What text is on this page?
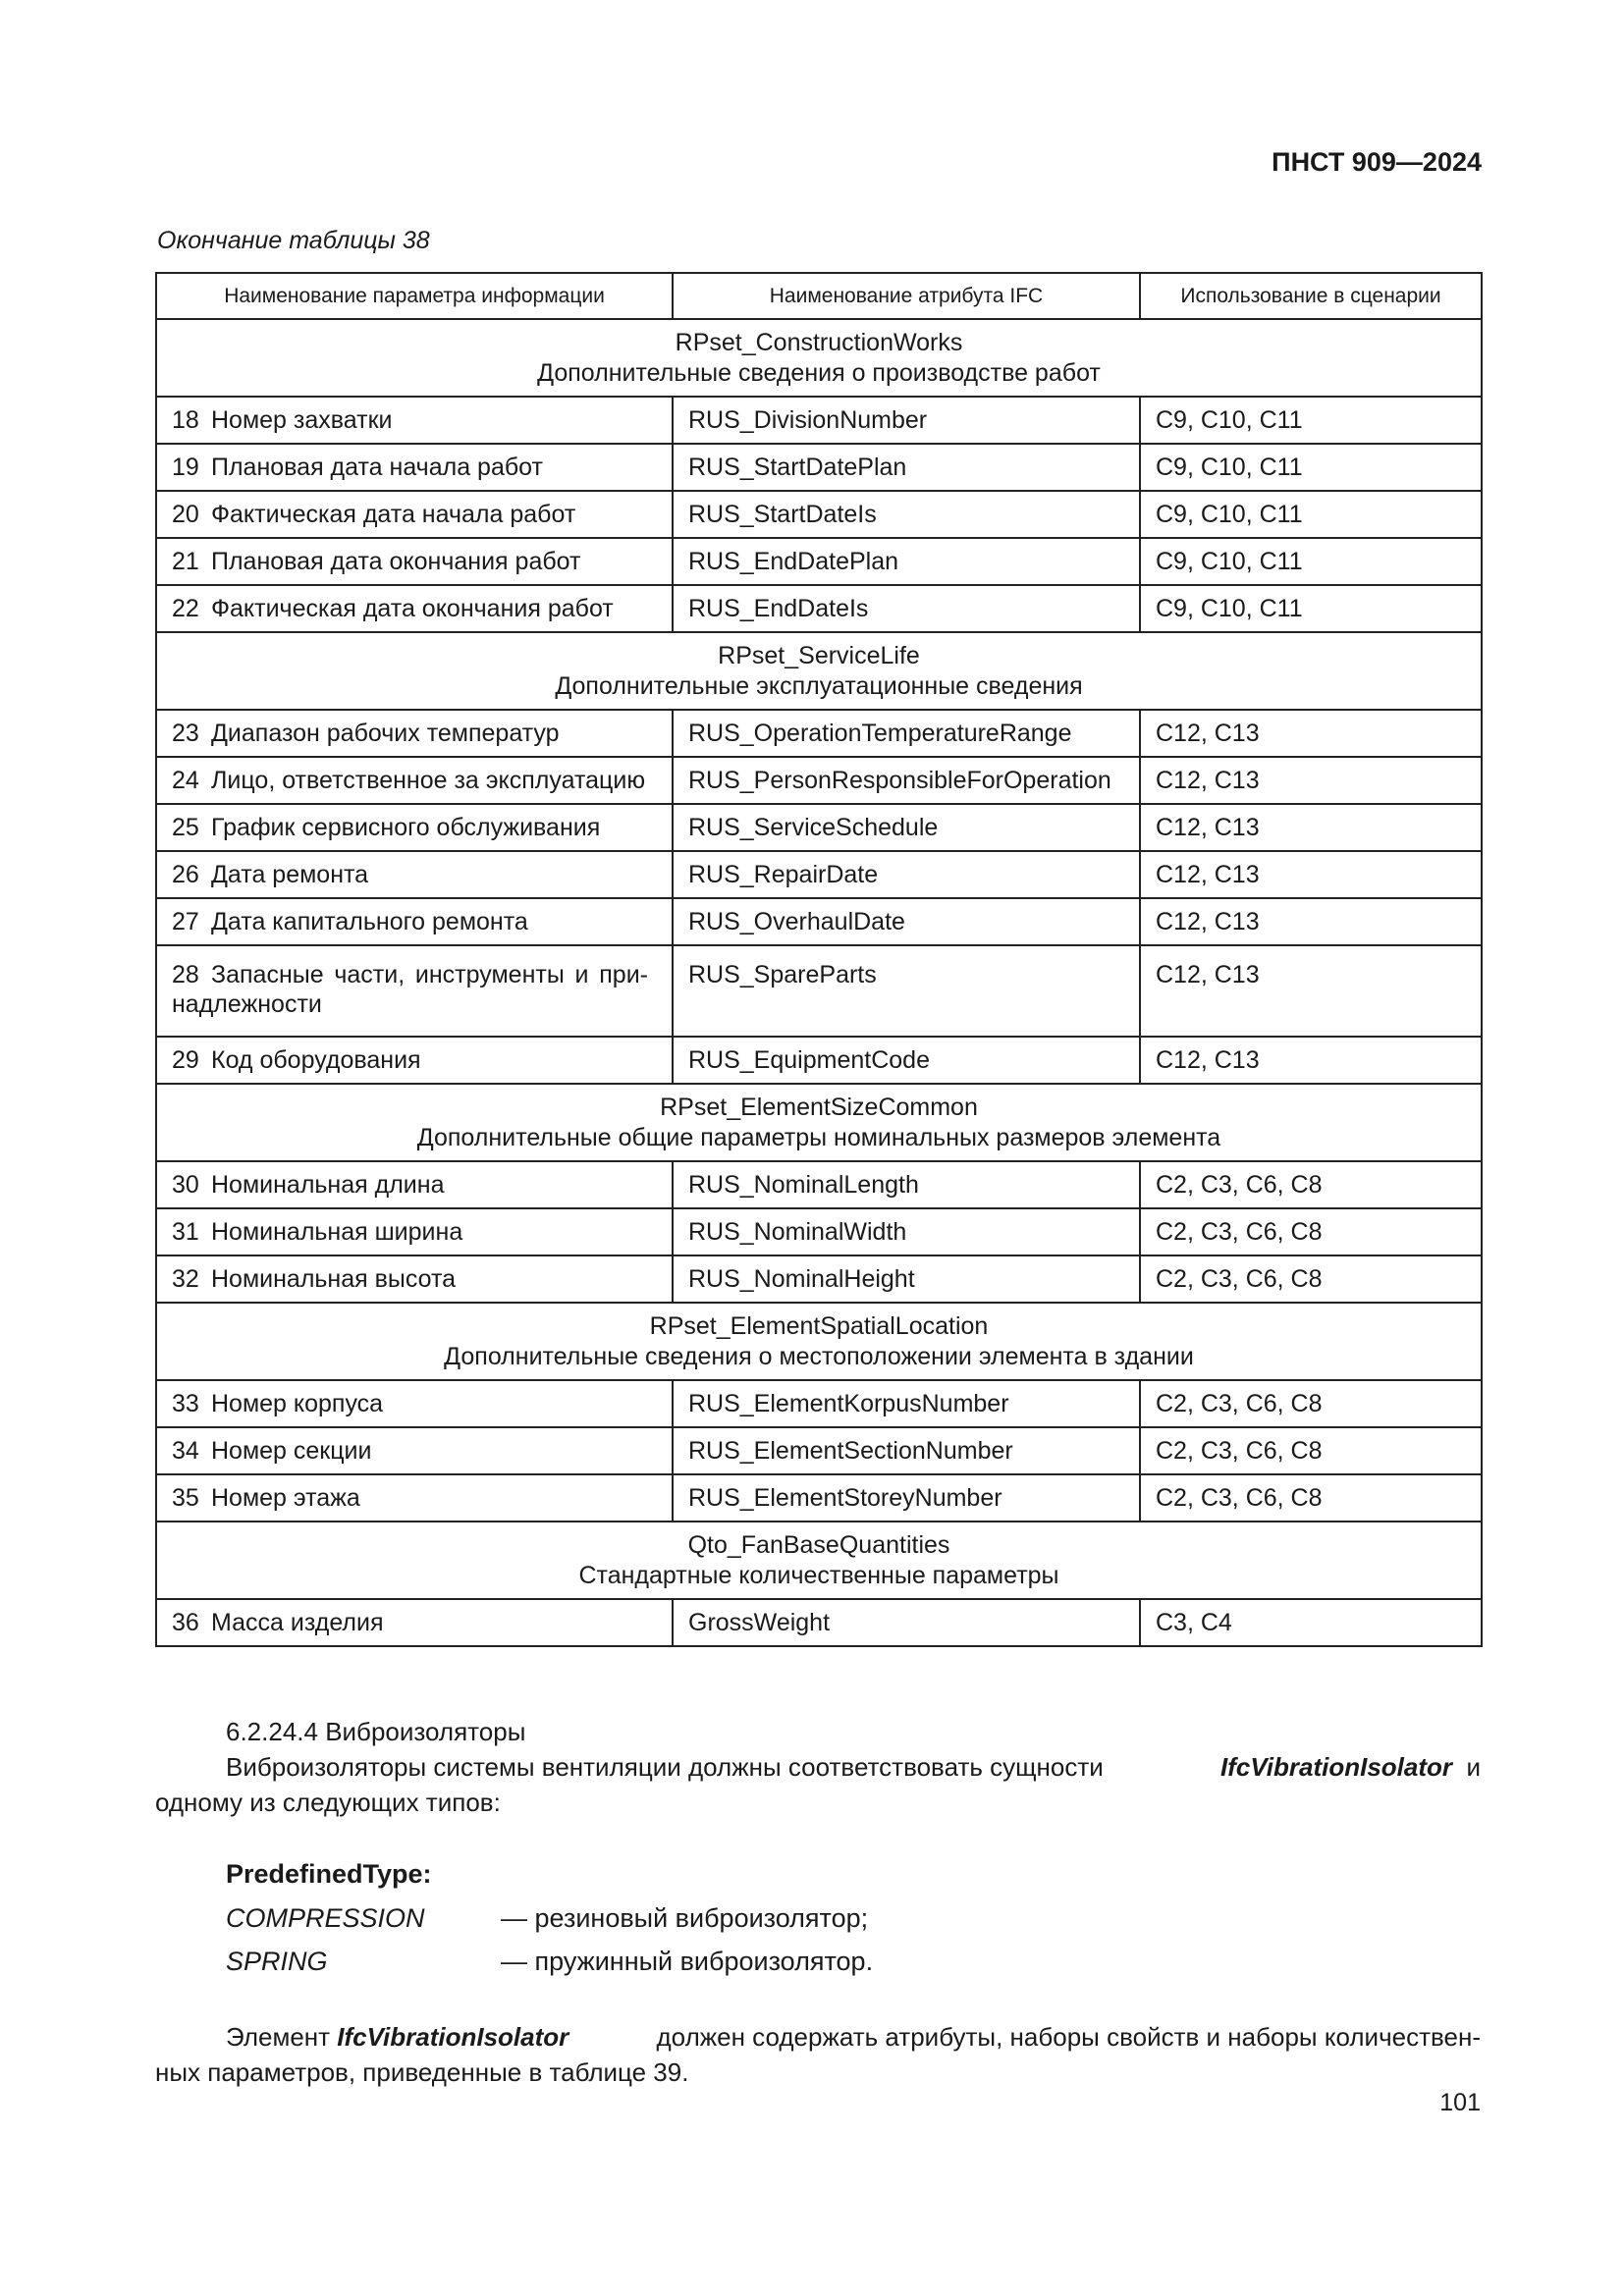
ПНСТ 909—2024
Окончание таблицы 38
Наименование параметра информации	Наименование атрибута IFC	Использование в сценарии

RPset_ConstructionWorks
Дополнительные сведения о производстве работ		

18 Номер захватки	RUS_DivisionNumber	C9, C10, C11
19 Плановая дата начала работ	RUS_StartDatePlan	C9, C10, C11
20 Фактическая дата начала работ	RUS_StartDateIs	C9, C10, C11
21 Плановая дата окончания работ	RUS_EndDatePlan	C9, C10, C11
22 Фактическая дата окончания работ	RUS_EndDateIs	C9, C10, C11

RPset_ServiceLife
Дополнительные эксплуатационные сведения		

23 Диапазон рабочих температур	RUS_OperationTemperatureRange	C12, C13
24 Лицо, ответственное за эксплуатацию	RUS_PersonResponsibleForOperation	C12, C13
25 График сервисного обслуживания	RUS_ServiceSchedule	C12, C13
26 Дата ремонта	RUS_RepairDate	C12, C13
27 Дата капитального ремонта	RUS_OverhaulDate	C12, C13
28 Запасные части, инструменты и при-
надлежности	RUS_SpareParts	C12, C13
29 Код оборудования	RUS_EquipmentCode	C12, C13

RPset_ElementSizeCommon
Дополнительные общие параметры номинальных размеров элемента		

30 Номинальная длина	RUS_NominalLength	C2, C3, C6, C8
31 Номинальная ширина	RUS_NominalWidth	C2, C3, C6, C8
32 Номинальная высота	RUS_NominalHeight	C2, C3, C6, C8

RPset_ElementSpatialLocation
Дополнительные сведения о местоположении элемента в здании		

33 Номер корпуса	RUS_ElementKorpusNumber	C2, C3, C6, C8
34 Номер секции	RUS_ElementSectionNumber	C2, C3, C6, C8
35 Номер этажа	RUS_ElementStoreyNumber	C2, C3, C6, C8

Qto_FanBaseQuantities
Стандартные количественные параметры		

36 Масса изделия	GrossWeight	C3, C4
6.2.24.4 Виброизоляторы
Виброизоляторы системы вентиляции должны соответствовать сущности	IfcVibrationIsolator и
одному из следующих типов:
PredefinedType:
COMPRESSION	— резиновый виброизолятор;
SPRING	— пружинный виброизолятор.
Элемент IfcVibrationIsolator	должен содержать атрибуты, наборы свойств и наборы количествен-
ных параметров, приведенные в таблице 39.
101
